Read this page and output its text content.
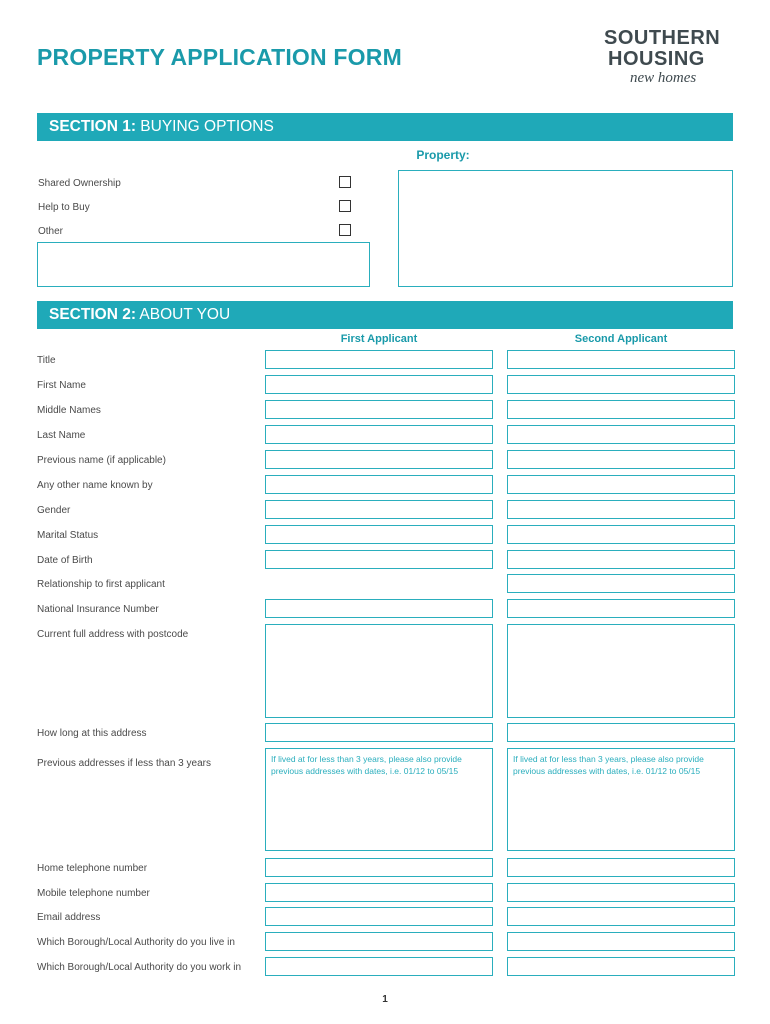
PROPERTY APPLICATION FORM
SOUTHERN
HOUSING
new homes
SECTION 1: BUYING OPTIONS
Property:
Shared Ownership
Help to Buy
Other
SECTION 2: ABOUT YOU
First Applicant	Second Applicant
Title
First Name
Middle Names
Last Name
Previous name (if applicable)
Any other name known by
Gender
Marital Status
Date of Birth
Relationship to first applicant
National Insurance Number
Current full address with postcode
How long at this address
Previous addresses if less than 3 years	If lived at for less than 3 years, please also provide previous addresses with dates, i.e. 01/12 to 05/15
If lived at for less than 3 years, please also provide previous addresses with dates, i.e. 01/12 to 05/15
Home telephone number
Mobile telephone number
Email address
Which Borough/Local Authority do you live in
Which Borough/Local Authority do you work in
1
